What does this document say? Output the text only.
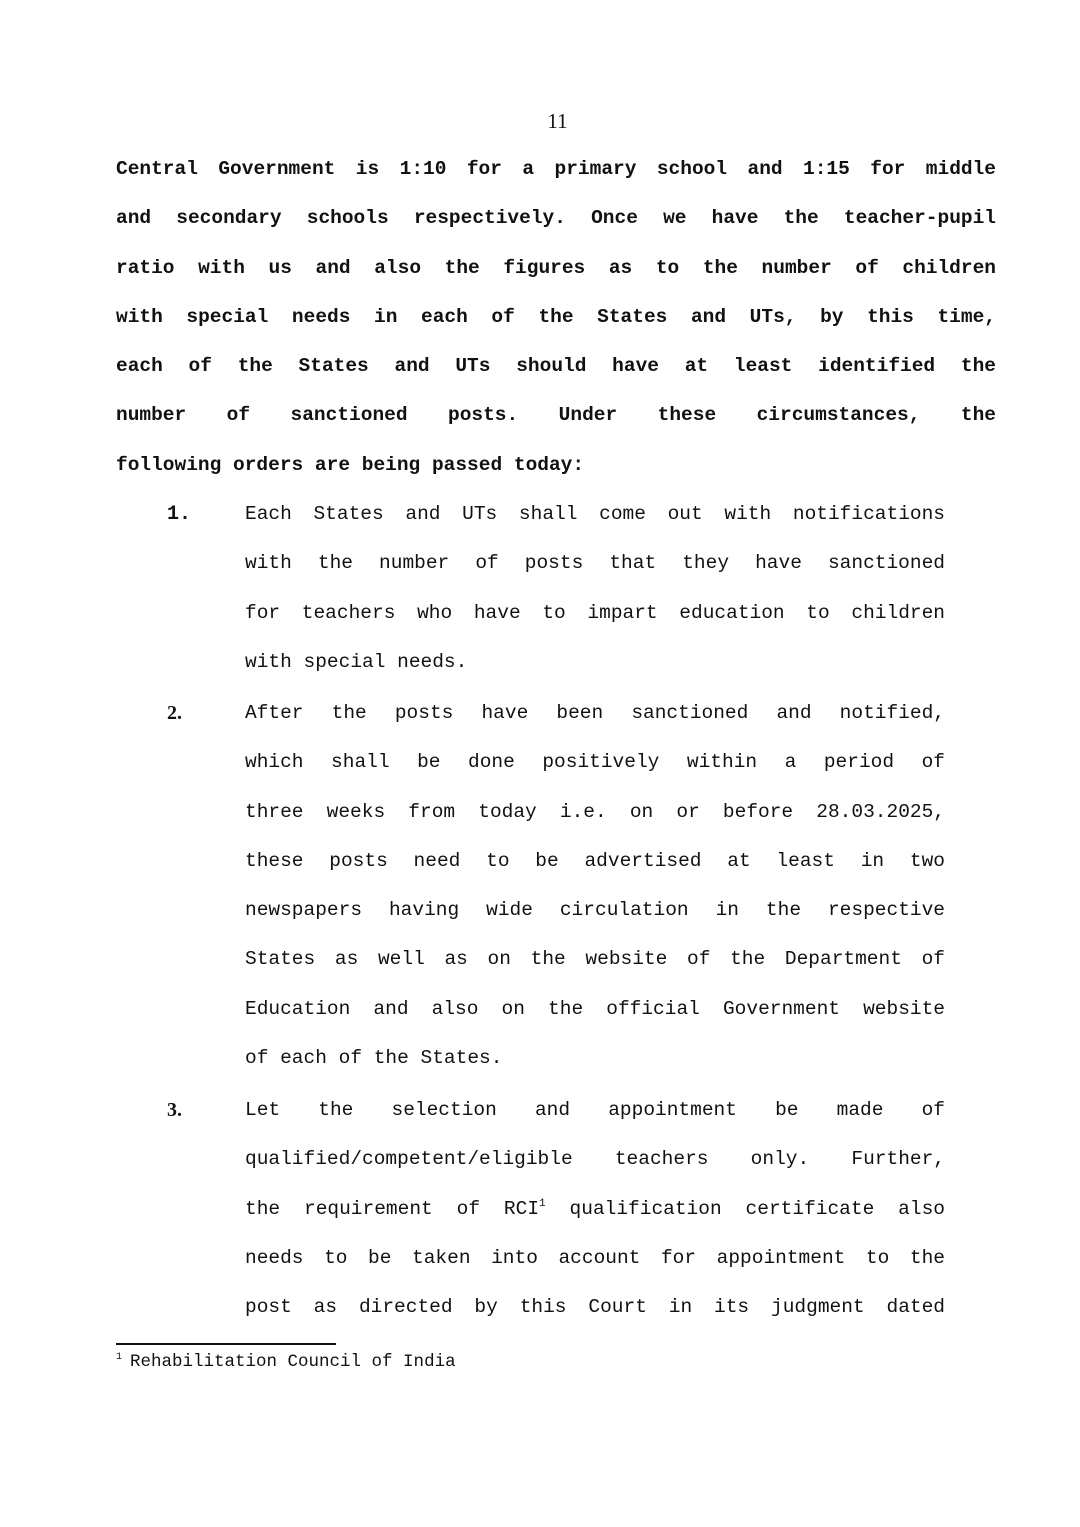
11
Central Government is 1:10 for a primary school and 1:15 for middle
and secondary schools respectively. Once we have the teacher-pupil
ratio with us and also the figures as to the number of children
with special needs in each of the States and UTs, by this time,
each of the States and UTs should have at least identified the
number of sanctioned posts. Under these circumstances, the
following orders are being passed today:
1.	Each States and UTs shall come out with notifications
with the number of posts that they have sanctioned
for teachers who have to impart education to children
with special needs.
2.	After the posts have been sanctioned and notified,
which shall be done positively within a period of
three weeks from today i.e. on or before 28.03.2025,
these posts need to be advertised at least in two
newspapers having wide circulation in the respective
States as well as on the website of the Department of
Education and also on the official Government website
of each of the States.
3.	Let the selection and appointment be made of
qualified/competent/eligible teachers only. Further,
the requirement of RCI$^1$ qualification certificate also
needs to be taken into account for appointment to the
post as directed by this Court in its judgment dated
$^1$ Rehabilitation Council of India
